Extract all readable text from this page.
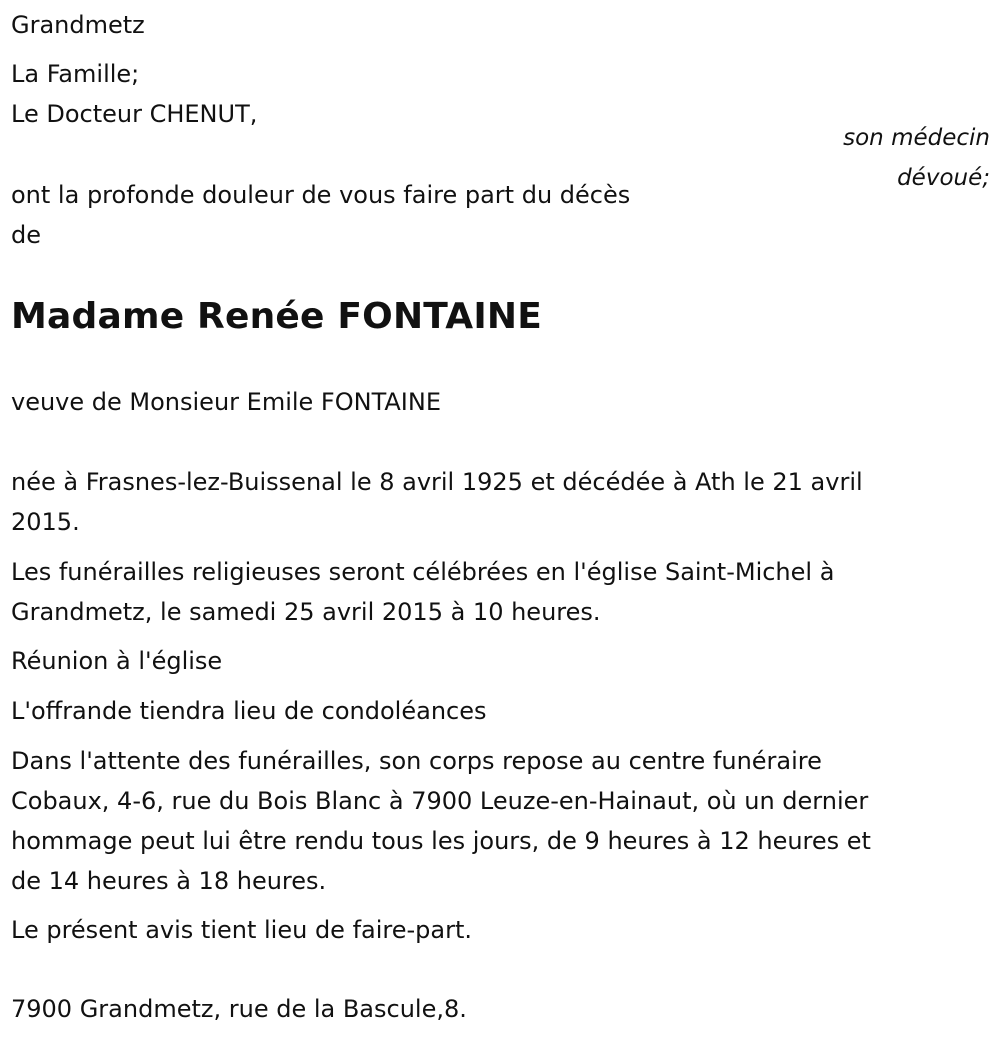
Grandmetz

La Famille;

Le Docteur CHENUT,

son médecin
dévoué;

ont la profonde douleur de vous faire part du décès

de

Madame Renée FONTAINE

veuve de Monsieur Emile FONTAINE

née à Frasnes-lez-Buissenal le 8 avril 1925 et décédée à Ath le 21 avril

2015.

Les funérailles religieuses seront célébrées en l'église Saint-Michel à

Grandmetz, le samedi 25 avril 2015 à 10 heures.

Réunion à l'église

L'offrande tiendra lieu de condoléances

Dans l'attente des funérailles, son corps repose au centre funéraire

Cobaux, 4-6, rue du Bois Blanc à 7900 Leuze-en-Hainaut, où un dernier

hommage peut lui être rendu tous les jours, de 9 heures à 12 heures et

de 14 heures à 18 heures.

Le présent avis tient lieu de faire-part.

7900 Grandmetz, rue de la Bascule,8.
